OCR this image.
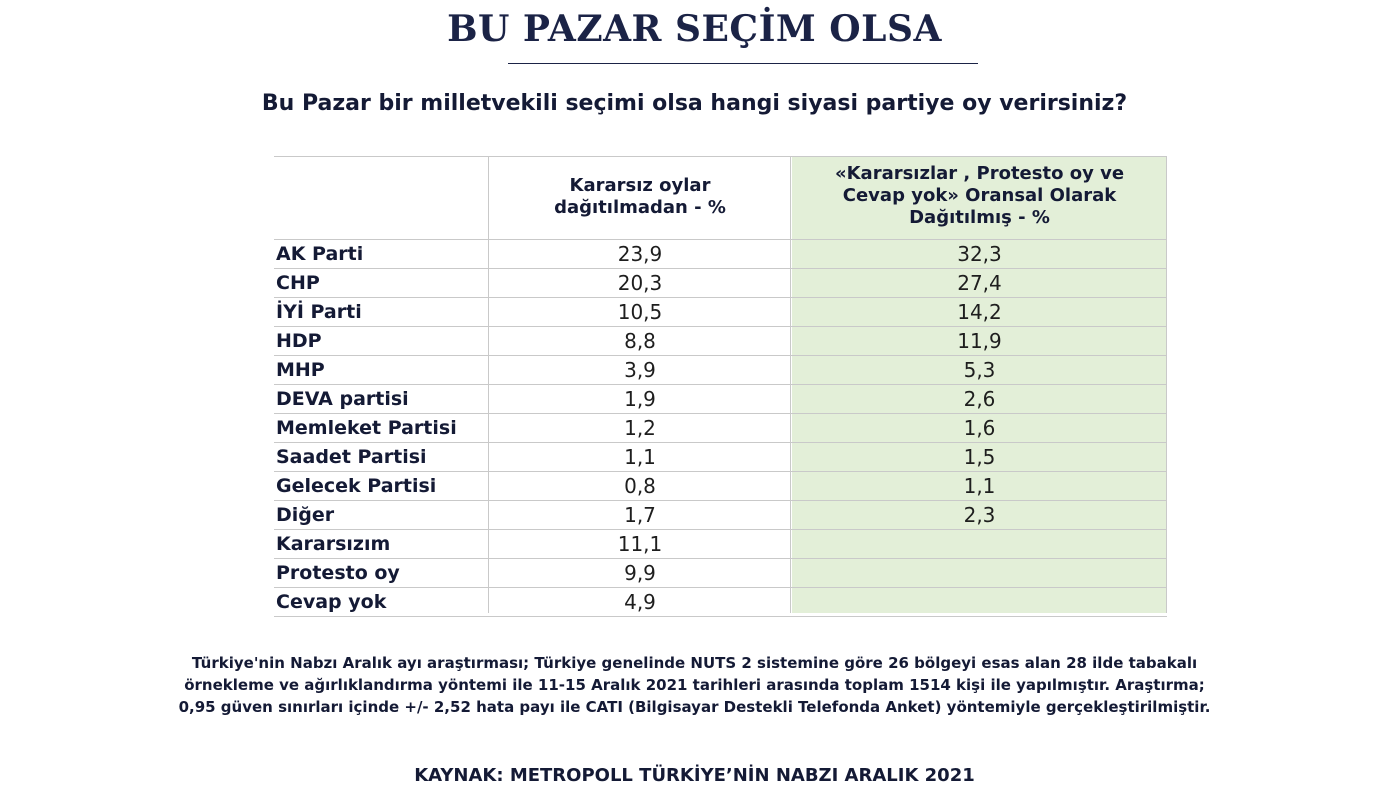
BU PAZAR SEÇİM OLSA
Bu Pazar bir milletvekili seçimi olsa hangi siyasi partiye oy verirsiniz?
Kararsız oylar
dağıtılmadan - %
«Kararsızlar , Protesto oy ve
Cevap yok» Oransal Olarak
Dağıtılmış - %
AK Parti	23,9	32,3
CHP	20,3	27,4
İYİ Parti	10,5	14,2
HDP	8,8	11,9
MHP	3,9	5,3
DEVA partisi	1,9	2,6
Memleket Partisi	1,2	1,6
Saadet Partisi	1,1	1,5
Gelecek Partisi	0,8	1,1
Diğer	1,7	2,3
Kararsızım	11,1
Protesto oy	9,9
Cevap yok	4,9
Türkiye'nin Nabzı Aralık ayı araştırması; Türkiye genelinde NUTS 2 sistemine göre 26 bölgeyi esas alan 28 ilde tabakalı
örnekleme ve ağırlıklandırma yöntemi ile 11-15 Aralık 2021 tarihleri arasında toplam 1514 kişi ile yapılmıştır. Araştırma;
0,95 güven sınırları içinde +/- 2,52 hata payı ile CATI (Bilgisayar Destekli Telefonda Anket) yöntemiyle gerçekleştirilmiştir.
KAYNAK: METROPOLL TÜRKİYE’NİN NABZI ARALIK 2021
